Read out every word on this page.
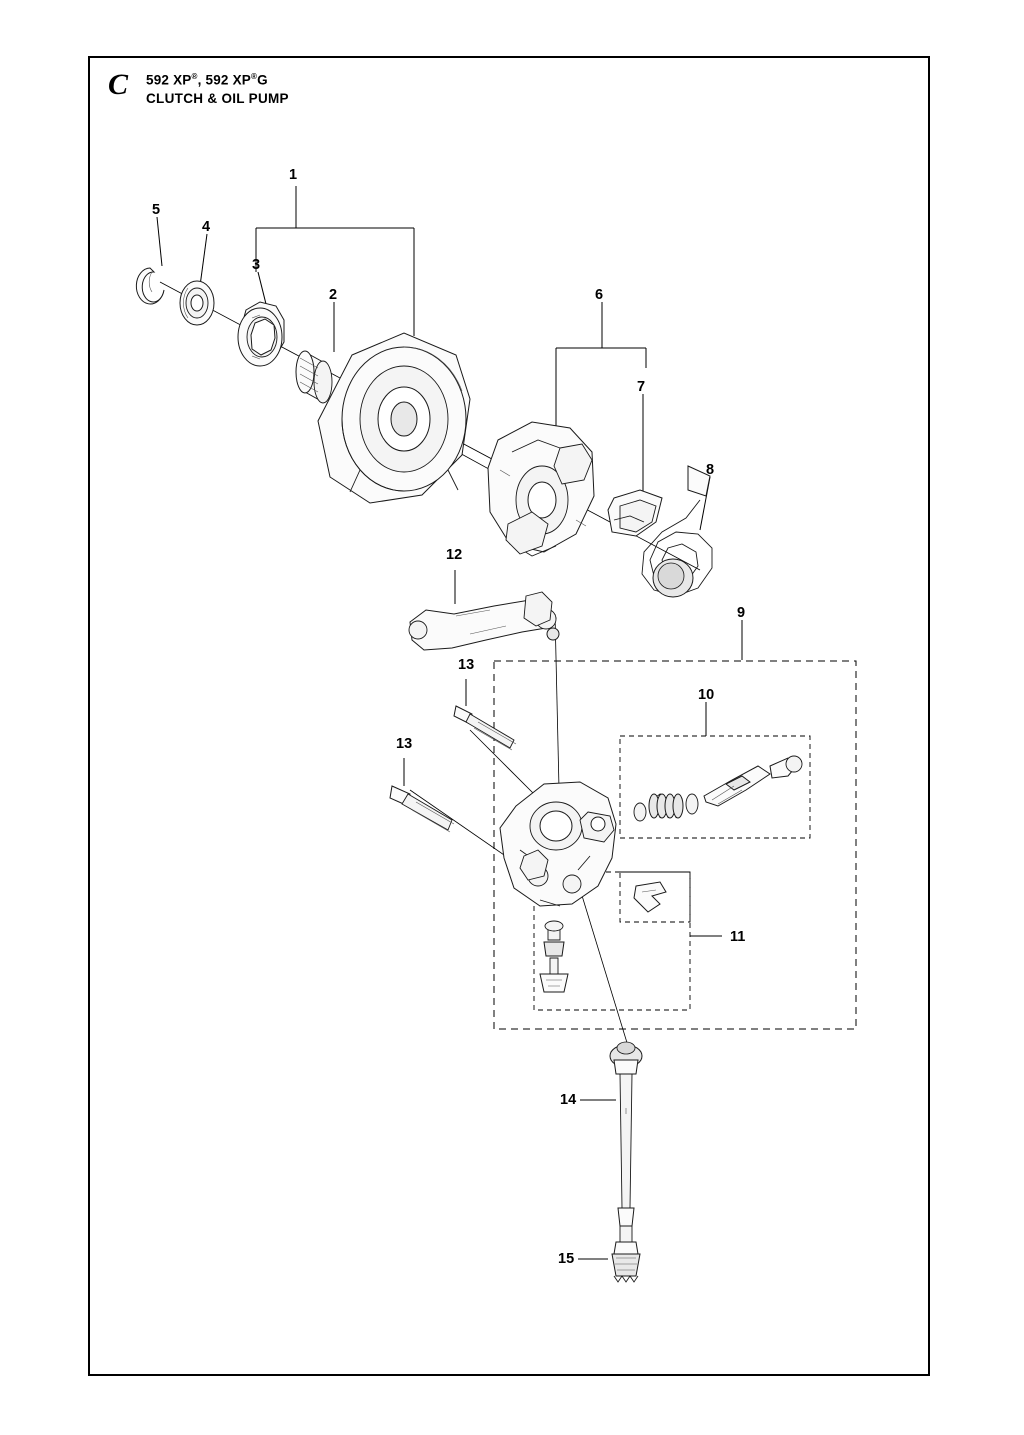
C 592 XP®, 592 XP®G
CLUTCH & OIL PUMP
1
2
3
4
5
6
7
8
9
10
11
12
13
13
14
15
